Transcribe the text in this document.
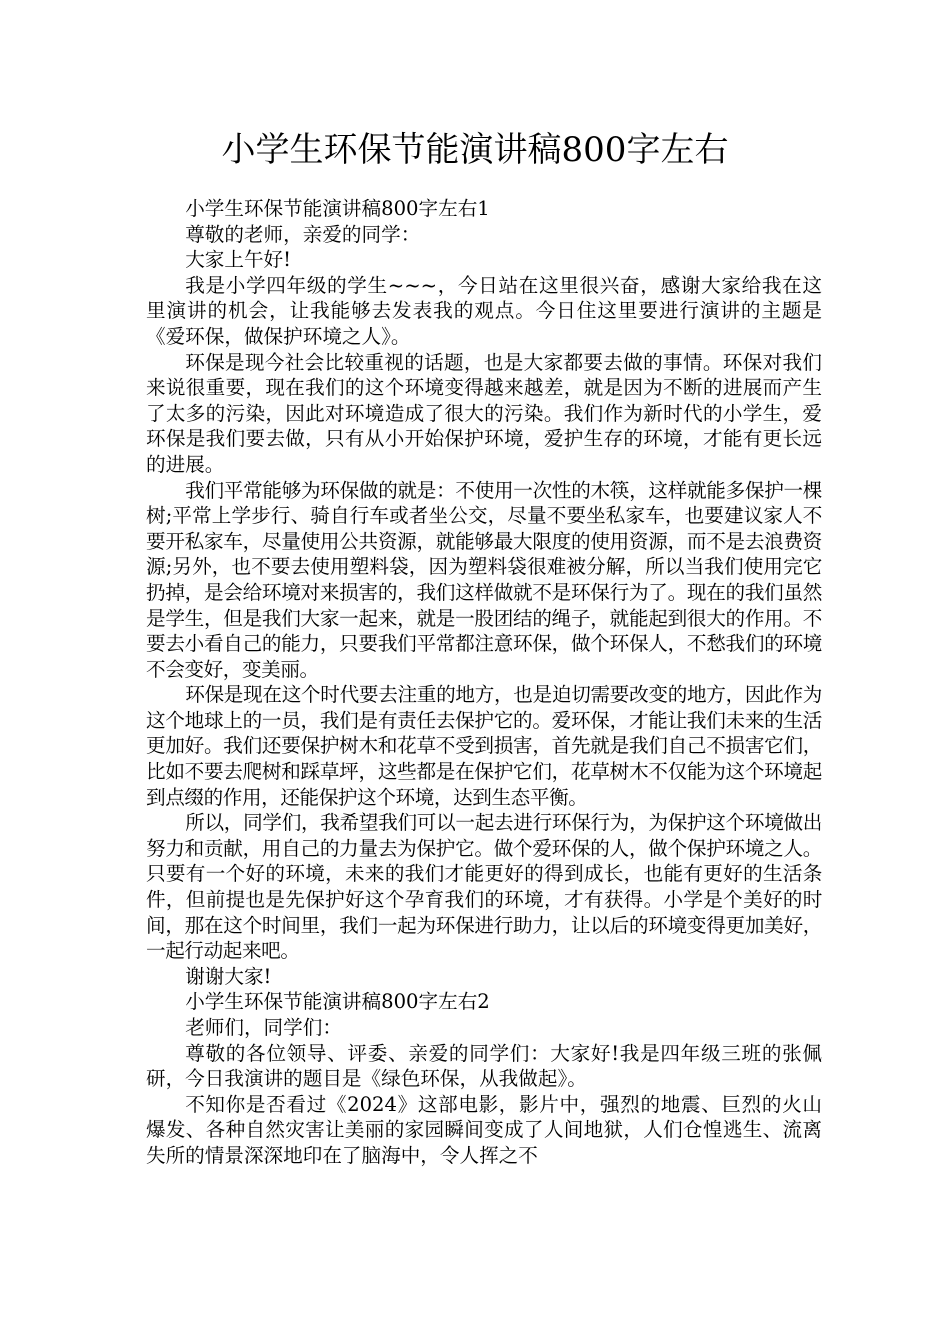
小学生环保节能演讲稿800字左右

小学生环保节能演讲稿800字左右1

尊敬的老师，亲爱的同学：

大家上午好!

我是小学四年级的学生~~~，今日站在这里很兴奋，感谢大家给我在这里演讲的机会，让我能够去发表我的观点。今日住这里要进行演讲的主题是《爱环保，做保护环境之人》。

环保是现今社会比较重视的话题，也是大家都要去做的事情。环保对我们来说很重要，现在我们的这个环境变得越来越差，就是因为不断的进展而产生了太多的污染，因此对环境造成了很大的污染。我们作为新时代的小学生，爱环保是我们要去做，只有从小开始保护环境，爱护生存的环境，才能有更长远的进展。

我们平常能够为环保做的就是：不使用一次性的木筷，这样就能多保护一棵树;平常上学步行、骑自行车或者坐公交，尽量不要坐私家车，也要建议家人不要开私家车，尽量使用公共资源，就能够最大限度的使用资源，而不是去浪费资源;另外，也不要去使用塑料袋，因为塑料袋很难被分解，所以当我们使用完它扔掉，是会给环境对来损害的，我们这样做就不是环保行为了。现在的我们虽然是学生，但是我们大家一起来，就是一股团结的绳子，就能起到很大的作用。不要去小看自己的能力，只要我们平常都注意环保，做个环保人，不愁我们的环境不会变好，变美丽。

环保是现在这个时代要去注重的地方，也是迫切需要改变的地方，因此作为这个地球上的一员，我们是有责任去保护它的。爱环保，才能让我们未来的生活更加好。我们还要保护树木和花草不受到损害，首先就是我们自己不损害它们，比如不要去爬树和踩草坪，这些都是在保护它们，花草树木不仅能为这个环境起到点缀的作用，还能保护这个环境，达到生态平衡。

所以，同学们，我希望我们可以一起去进行环保行为，为保护这个环境做出努力和贡献，用自己的力量去为保护它。做个爱环保的人，做个保护环境之人。只要有一个好的环境，未来的我们才能更好的得到成长，也能有更好的生活条件，但前提也是先保护好这个孕育我们的环境，才有获得。小学是个美好的时间，那在这个时间里，我们一起为环保进行助力，让以后的环境变得更加美好，一起行动起来吧。

谢谢大家!

小学生环保节能演讲稿800字左右2

老师们，同学们：

尊敬的各位领导、评委、亲爱的同学们：大家好!我是四年级三班的张佩研，今日我演讲的题目是《绿色环保，从我做起》。

不知你是否看过《2024》这部电影，影片中，强烈的地震、巨烈的火山爆发、各种自然灾害让美丽的家园瞬间变成了人间地狱，人们仓惶逃生、流离失所的情景深深地印在了脑海中，令人挥之不
